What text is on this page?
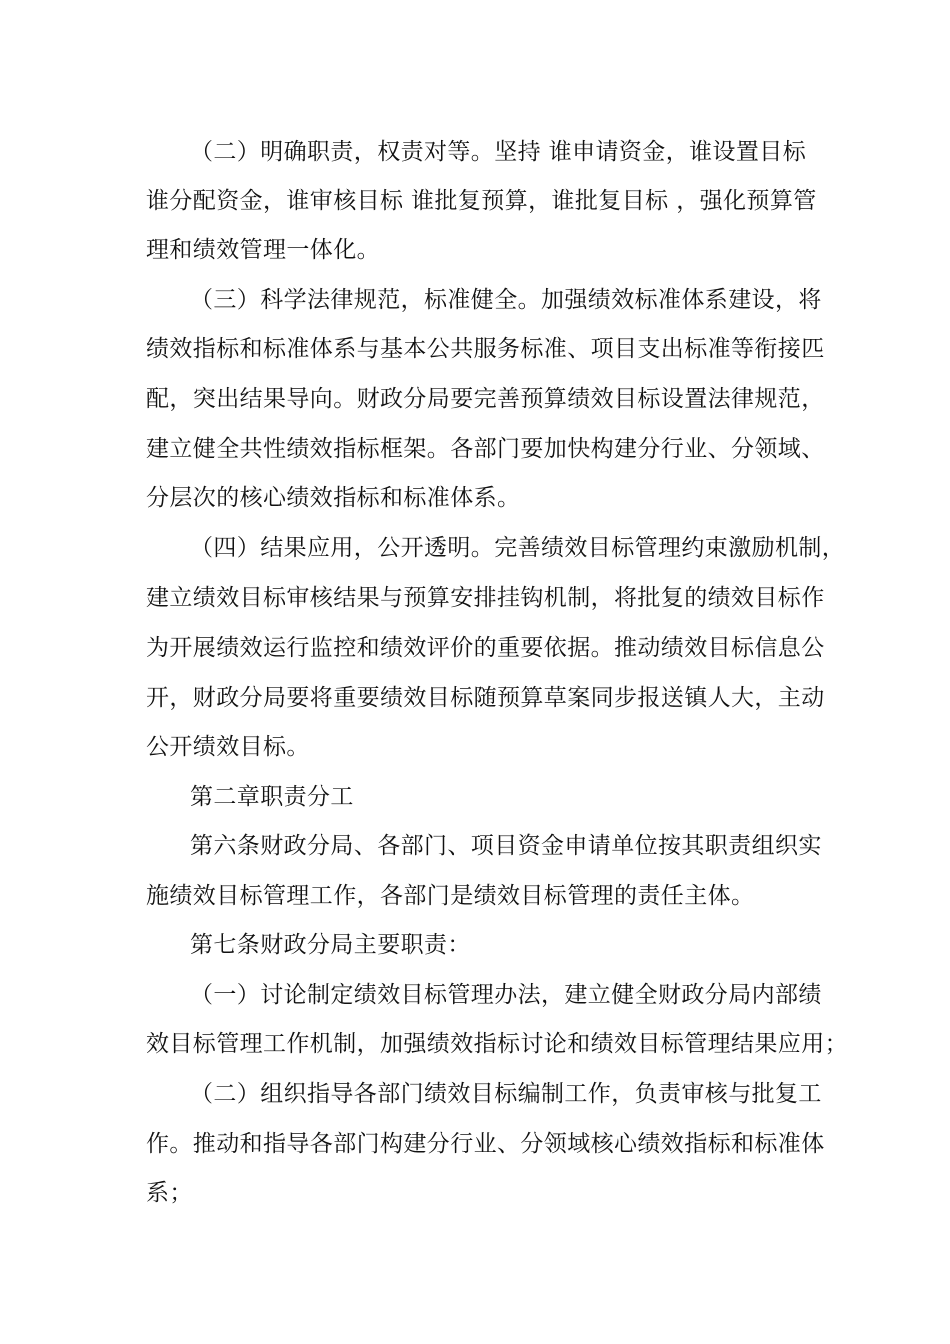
（二）明确职责，权责对等。坚持 谁申请资金，谁设置目标
谁分配资金，谁审核目标 谁批复预算，谁批复目标 ，强化预算管
理和绩效管理一体化。
（三）科学法律规范，标准健全。加强绩效标准体系建设，将
绩效指标和标准体系与基本公共服务标准、项目支出标准等衔接匹
配，突出结果导向。财政分局要完善预算绩效目标设置法律规范，
建立健全共性绩效指标框架。各部门要加快构建分行业、分领域、
分层次的核心绩效指标和标准体系。
（四）结果应用，公开透明。完善绩效目标管理约束激励机制，
建立绩效目标审核结果与预算安排挂钩机制，将批复的绩效目标作
为开展绩效运行监控和绩效评价的重要依据。推动绩效目标信息公
开，财政分局要将重要绩效目标随预算草案同步报送镇人大，主动
公开绩效目标。
第二章职责分工
第六条财政分局、各部门、项目资金申请单位按其职责组织实
施绩效目标管理工作，各部门是绩效目标管理的责任主体。
第七条财政分局主要职责：
（一）讨论制定绩效目标管理办法，建立健全财政分局内部绩
效目标管理工作机制，加强绩效指标讨论和绩效目标管理结果应用；
（二）组织指导各部门绩效目标编制工作，负责审核与批复工
作。推动和指导各部门构建分行业、分领域核心绩效指标和标准体
系；
